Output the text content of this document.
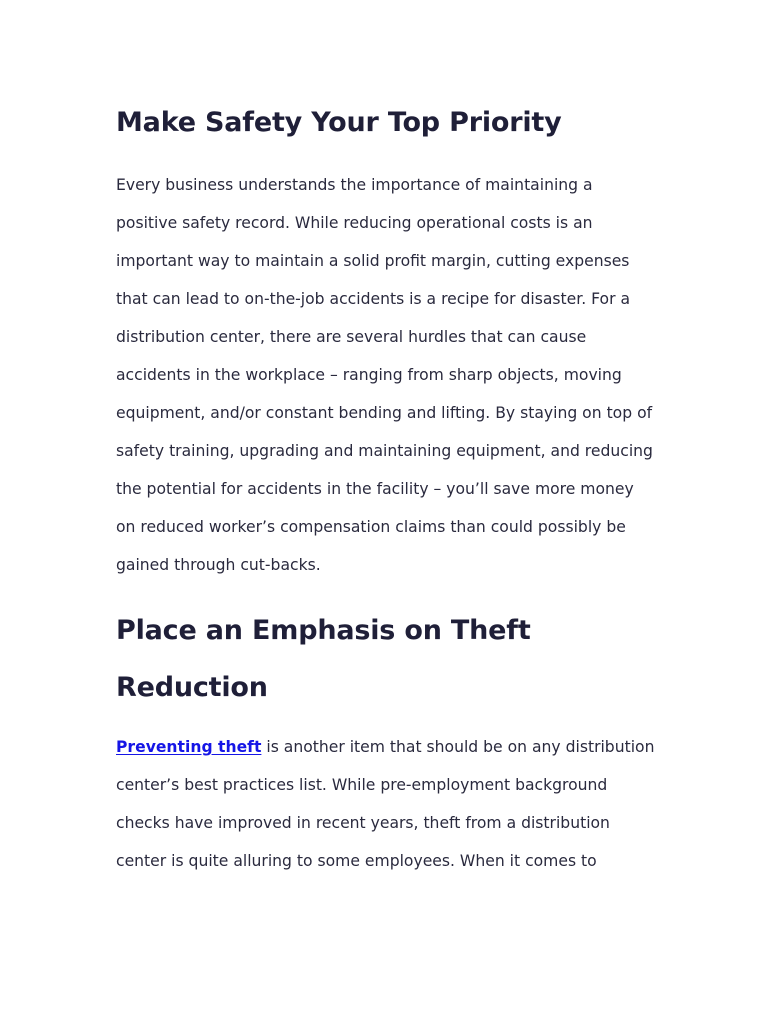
Make Safety Your Top Priority

Every business understands the importance of maintaining a positive safety record. While reducing operational costs is an important way to maintain a solid profit margin, cutting expenses that can lead to on-the-job accidents is a recipe for disaster. For a distribution center, there are several hurdles that can cause accidents in the workplace – ranging from sharp objects, moving equipment, and/or constant bending and lifting. By staying on top of safety training, upgrading and maintaining equipment, and reducing the potential for accidents in the facility – you’ll save more money on reduced worker’s compensation claims than could possibly be gained through cut-backs.

Place an Emphasis on Theft Reduction

Preventing theft is another item that should be on any distribution center’s best practices list. While pre-employment background checks have improved in recent years, theft from a distribution center is quite alluring to some employees. When it comes to
